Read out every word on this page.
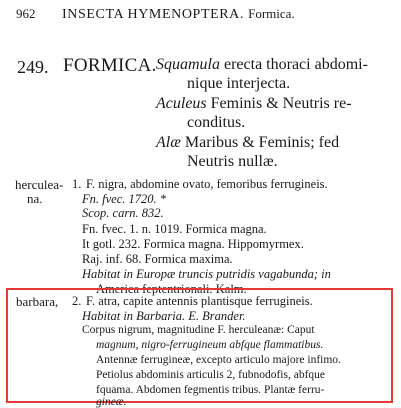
962 INSECTA HYMENOPTERA. Formica.
249. FORMICA. Squamula erecta thoraci abdomi-
nique interjecta.
Aculeus Feminis & Neutris re-
conditus.
Alæ Maribus & Feminis; fed
Neutris nullæ.
herculea-
na.
1. F. nigra, abdomine ovato, femoribus ferrugineis.
Fn. fvec. 1720. *
Scop. carn. 832.
Fn. fvec. 1. n. 1019. Formica magna.
It gotl. 232. Formica magna. Hippomyrmex.
Raj. inf. 68. Formica maxima.
Habitat in Europæ truncis putridis vagabunda; in
America feptentrionali. Kalm.
barbara, 2. F. atra, capite antennis plantisque ferrugineis.
Habitat in Barbaria. E. Brander.
Corpus nigrum, magnitudine F. herculeanæ: Caput
magnum, nigro-ferrugineum abfque flammatibus.
Antennæ ferrugineæ, excepto articulo majore infimo.
Petiolus abdominis articulis 2, fubnodofis, abfque
fquama. Abdomen fegmentis tribus. Plantæ ferru-
gineæ.
